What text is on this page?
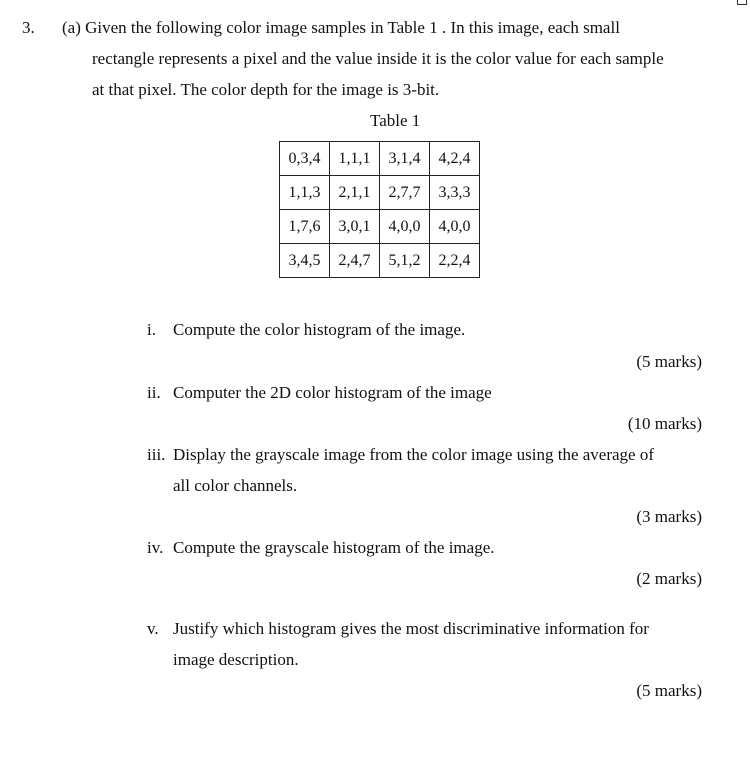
3. (a) Given the following color image samples in Table 1 . In this image, each small
rectangle represents a pixel and the value inside it is the color value for each sample
at that pixel. The color depth for the image is 3-bit.
Table 1
0,3,4	1,1,1	3,1,4	4,2,4
1,1,3	2,1,1	2,7,7	3,3,3
1,7,6	3,0,1	4,0,0	4,0,0
3,4,5	2,4,7	5,1,2	2,2,4
i. Compute the color histogram of the image.
(5 marks)
ii. Computer the 2D color histogram of the image
(10 marks)
iii. Display the grayscale image from the color image using the average of
all color channels.
(3 marks)
iv. Compute the grayscale histogram of the image.
(2 marks)
v. Justify which histogram gives the most discriminative information for
image description.
(5 marks)
